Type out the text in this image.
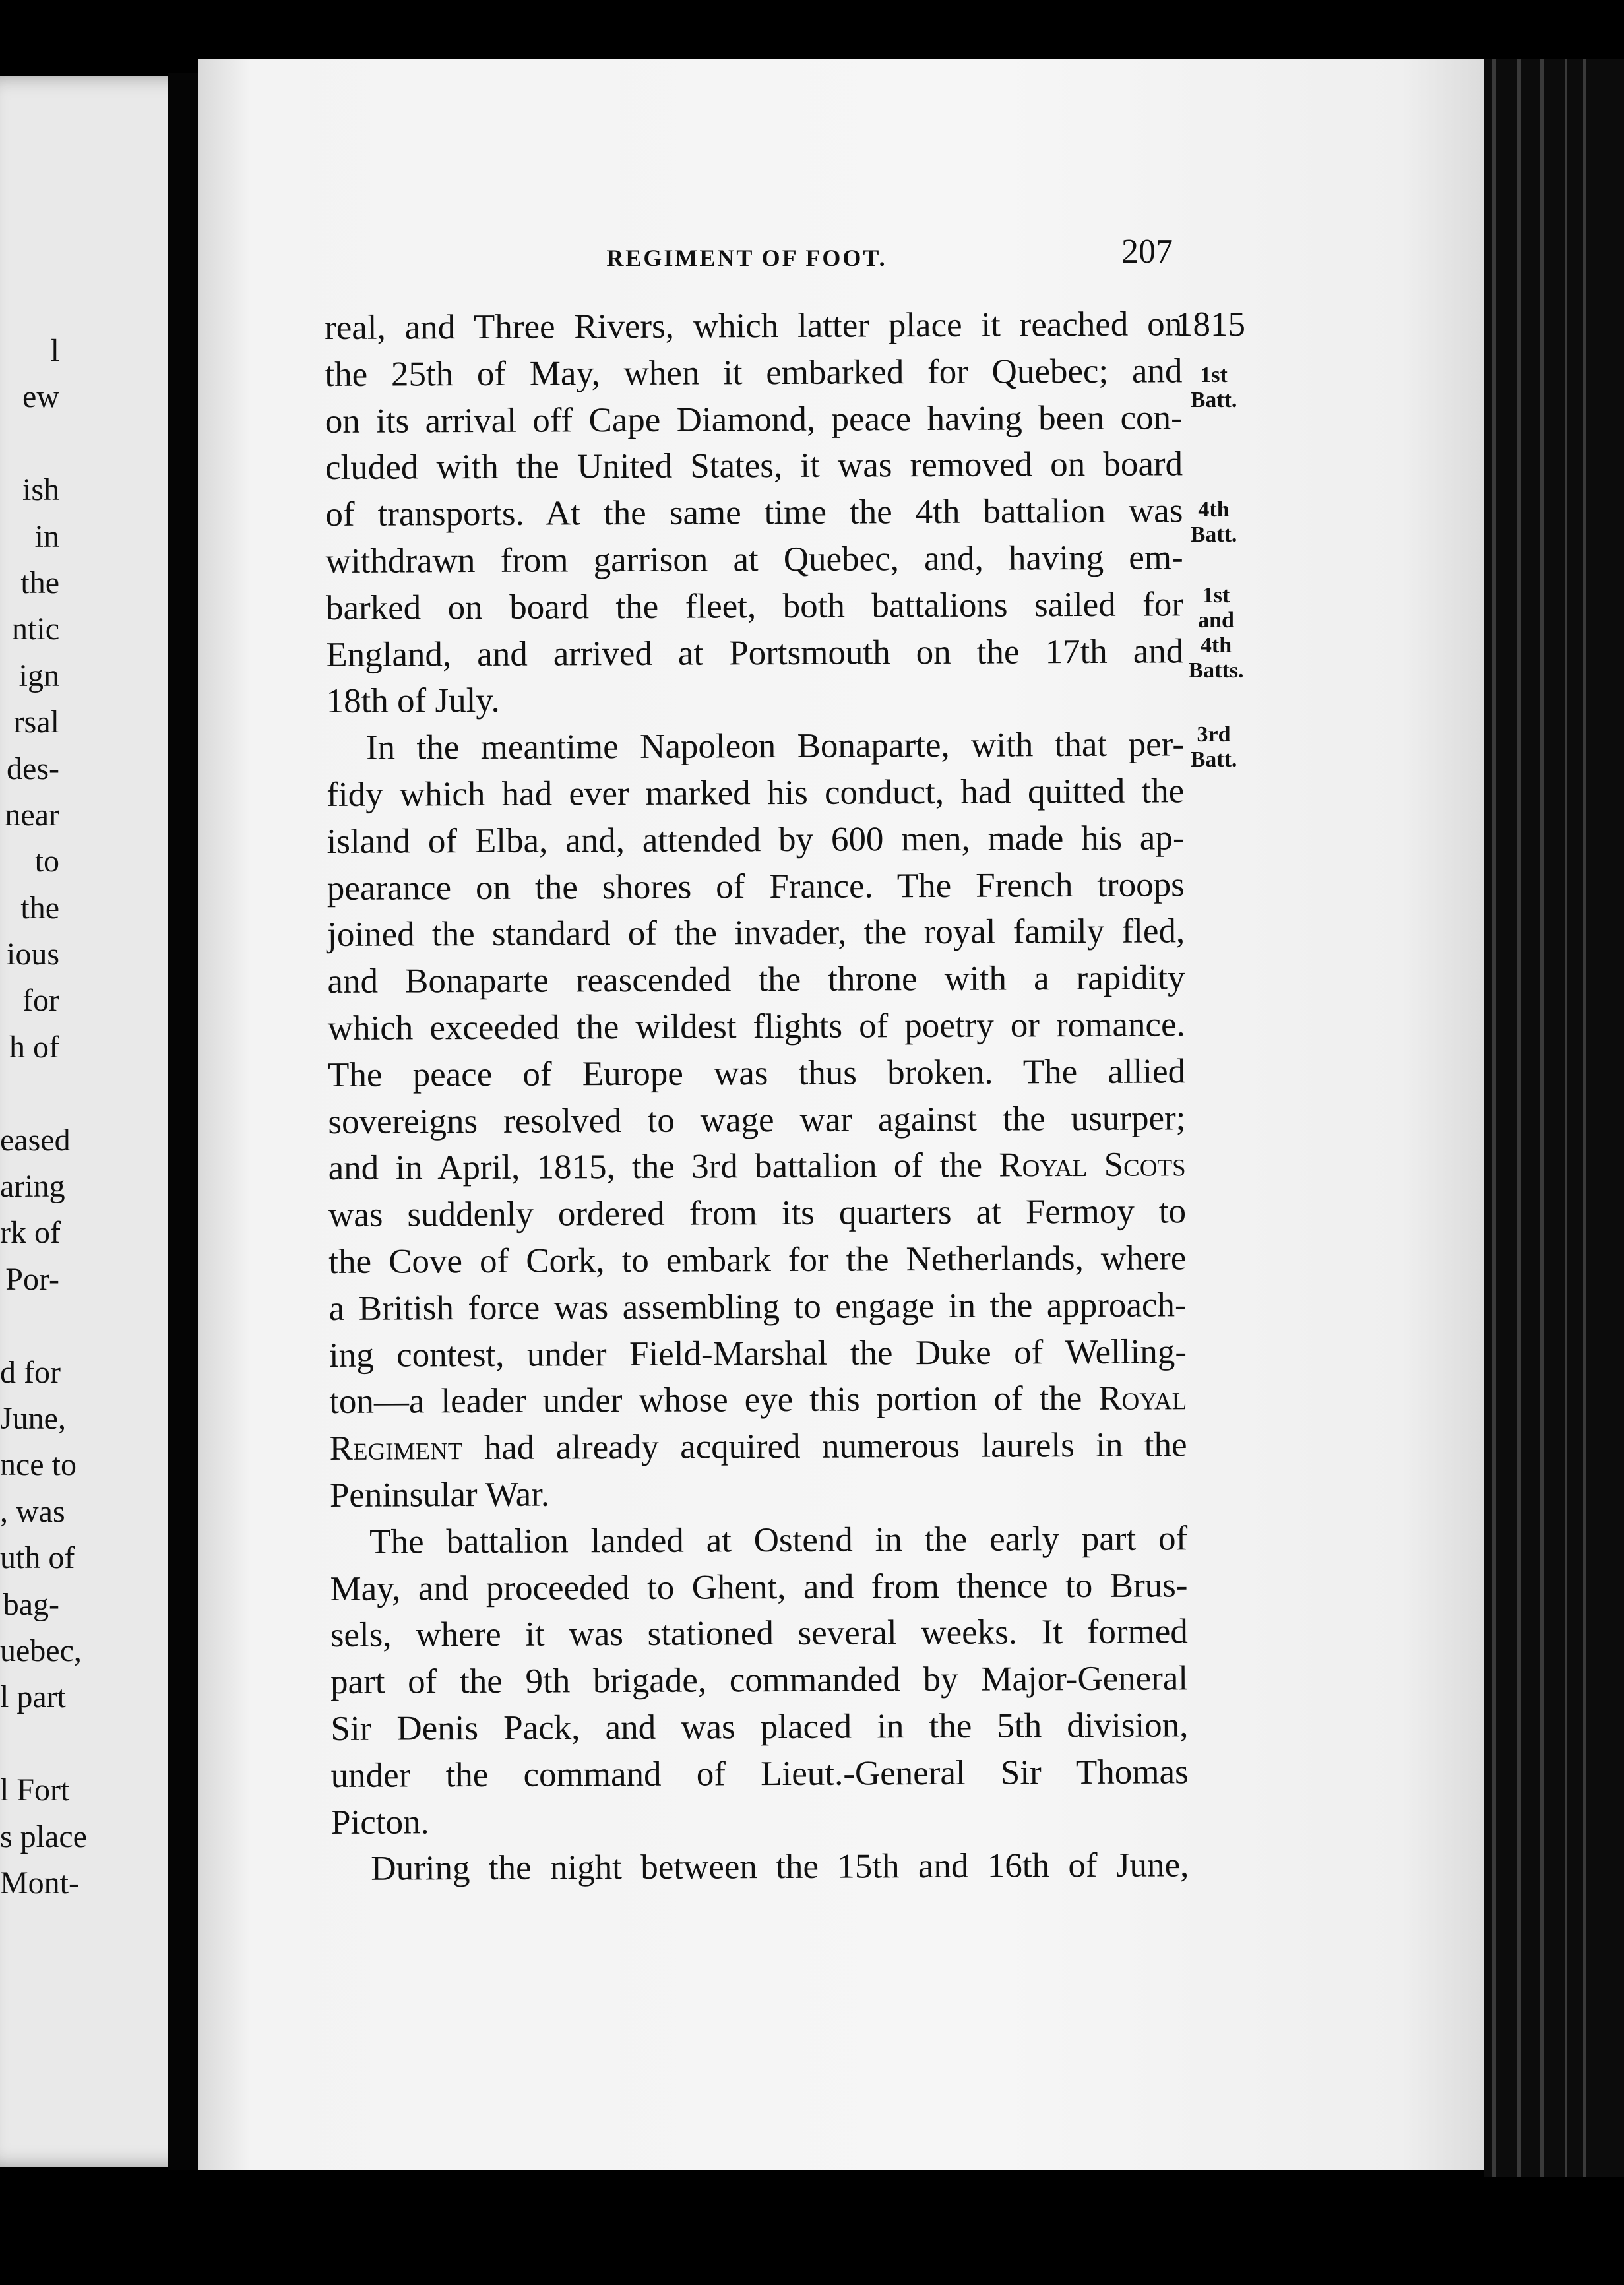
l
ew
ish
in
the
ntic
ign
rsal
des-
near
to
the
ious
for
h of
eased
aring
rk of
Por-
d for
June,
nce to
, was
uth of
bag-
uebec,
l part
l Fort
s place
Mont-
REGIMENT OF FOOT.	207
1815
1st
Batt.
4th
Batt.
1st
and
4th
Batts.
3rd
Batt.
real, and Three Rivers, which latter place it reached on
the 25th of May, when it embarked for Quebec; and
on its arrival off Cape Diamond, peace having been con-
cluded with the United States, it was removed on board
of transports. At the same time the 4th battalion was
withdrawn from garrison at Quebec, and, having em-
barked on board the fleet, both battalions sailed for
England, and arrived at Portsmouth on the 17th and
18th of July.
In the meantime Napoleon Bonaparte, with that per-
fidy which had ever marked his conduct, had quitted the
island of Elba, and, attended by 600 men, made his ap-
pearance on the shores of France. The French troops
joined the standard of the invader, the royal family fled,
and Bonaparte reascended the throne with a rapidity
which exceeded the wildest flights of poetry or romance.
The peace of Europe was thus broken. The allied
sovereigns resolved to wage war against the usurper;
and in April, 1815, the 3rd battalion of the Royal Scots
was suddenly ordered from its quarters at Fermoy to
the Cove of Cork, to embark for the Netherlands, where
a British force was assembling to engage in the approach-
ing contest, under Field-Marshal the Duke of Welling-
ton—a leader under whose eye this portion of the Royal
Regiment had already acquired numerous laurels in the
Peninsular War.
The battalion landed at Ostend in the early part of
May, and proceeded to Ghent, and from thence to Brus-
sels, where it was stationed several weeks. It formed
part of the 9th brigade, commanded by Major-General
Sir Denis Pack, and was placed in the 5th division,
under the command of Lieut.-General Sir Thomas
Picton.
During the night between the 15th and 16th of June,
